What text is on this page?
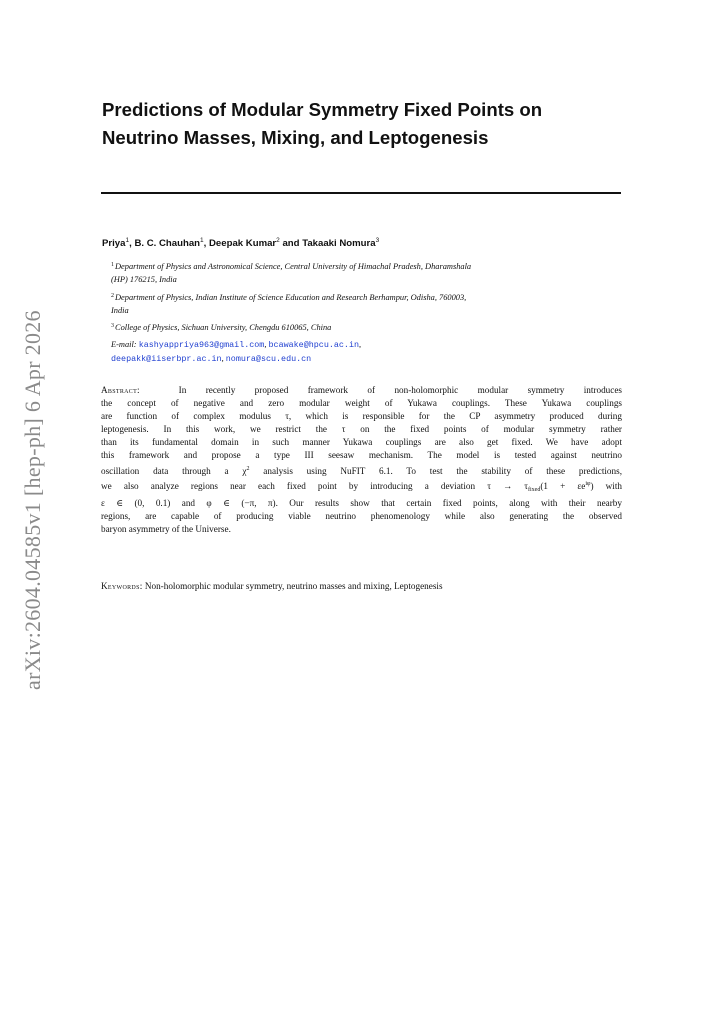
arXiv:2604.04585v1 [hep-ph] 6 Apr 2026
Predictions of Modular Symmetry Fixed Points on
Neutrino Masses, Mixing, and Leptogenesis
Priya$^1$, B. C. Chauhan$^1$, Deepak Kumar$^2$ and Takaaki Nomura$^3$
$^1$Department of Physics and Astronomical Science, Central University of Himachal Pradesh, Dharamshala
(HP) 176215, India
$^2$Department of Physics, Indian Institute of Science Education and Research Berhampur, Odisha, 760003,
India
$^3$College of Physics, Sichuan University, Chengdu 610065, China
E-mail: kashyappriya963@gmail.com, bcawake@hpcu.ac.in,
deepakk@iiserbpr.ac.in, nomura@scu.edu.cn
Abstract:	In recently proposed framework of non-holomorphic modular symmetry introduces
the concept of negative and zero modular weight of Yukawa couplings. These Yukawa couplings
are function of complex modulus τ, which is responsible for the CP asymmetry produced during
leptogenesis. In this work, we restrict the τ on the fixed points of modular symmetry rather
than its fundamental domain in such manner Yukawa couplings are also get fixed. We have adopt
this framework and propose a type III seesaw mechanism. The model is tested against neutrino
oscillation data through a $\chi^2$ analysis using NuFIT 6.1. To test the stability of these predictions,
we also analyze regions near each fixed point by introducing a deviation $\tau \to \tau_{fixed}(1 + \varepsilon e^{i\varphi})$ with
ε ∈ (0, 0.1) and φ ∈ (−π, π). Our results show that certain fixed points, along with their nearby
regions, are capable of producing viable neutrino phenomenology while also generating the observed
baryon asymmetry of the Universe.
Keywords: Non-holomorphic modular symmetry, neutrino masses and mixing, Leptogenesis
